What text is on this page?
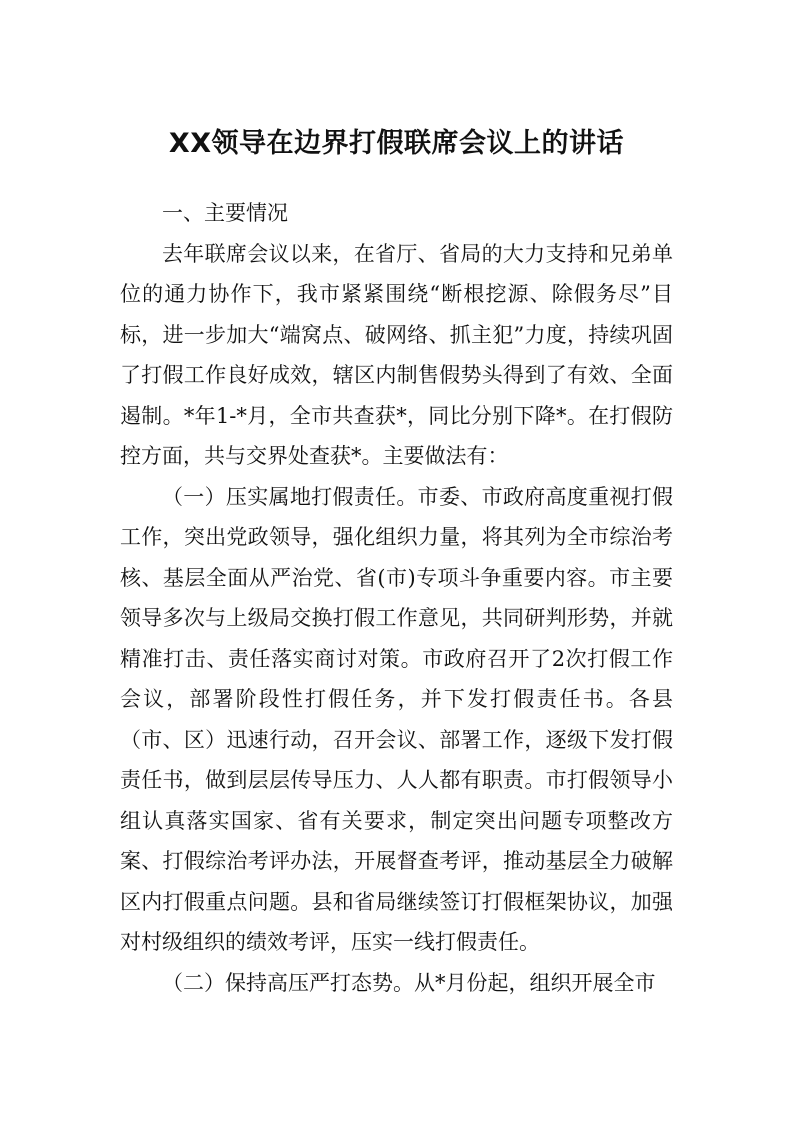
XX领导在边界打假联席会议上的讲话

一、主要情况

去年联席会议以来，在省厅、省局的大力支持和兄弟单位的通力协作下，我市紧紧围绕“断根挖源、除假务尽”目标，进一步加大“端窝点、破网络、抓主犯”力度，持续巩固了打假工作良好成效，辖区内制售假势头得到了有效、全面遏制。*年1-*月，全市共查获*，同比分别下降*。在打假防控方面，共与交界处查获*。主要做法有：

（一）压实属地打假责任。市委、市政府高度重视打假工作，突出党政领导，强化组织力量，将其列为全市综治考核、基层全面从严治党、省(市)专项斗争重要内容。市主要领导多次与上级局交换打假工作意见，共同研判形势，并就精准打击、责任落实商讨对策。市政府召开了2次打假工作会议，部署阶段性打假任务，并下发打假责任书。各县（市、区）迅速行动，召开会议、部署工作，逐级下发打假责任书，做到层层传导压力、人人都有职责。市打假领导小组认真落实国家、省有关要求，制定突出问题专项整改方案、打假综治考评办法，开展督查考评，推动基层全力破解区内打假重点问题。县和省局继续签订打假框架协议，加强对村级组织的绩效考评，压实一线打假责任。

（二）保持高压严打态势。从*月份起，组织开展全市
